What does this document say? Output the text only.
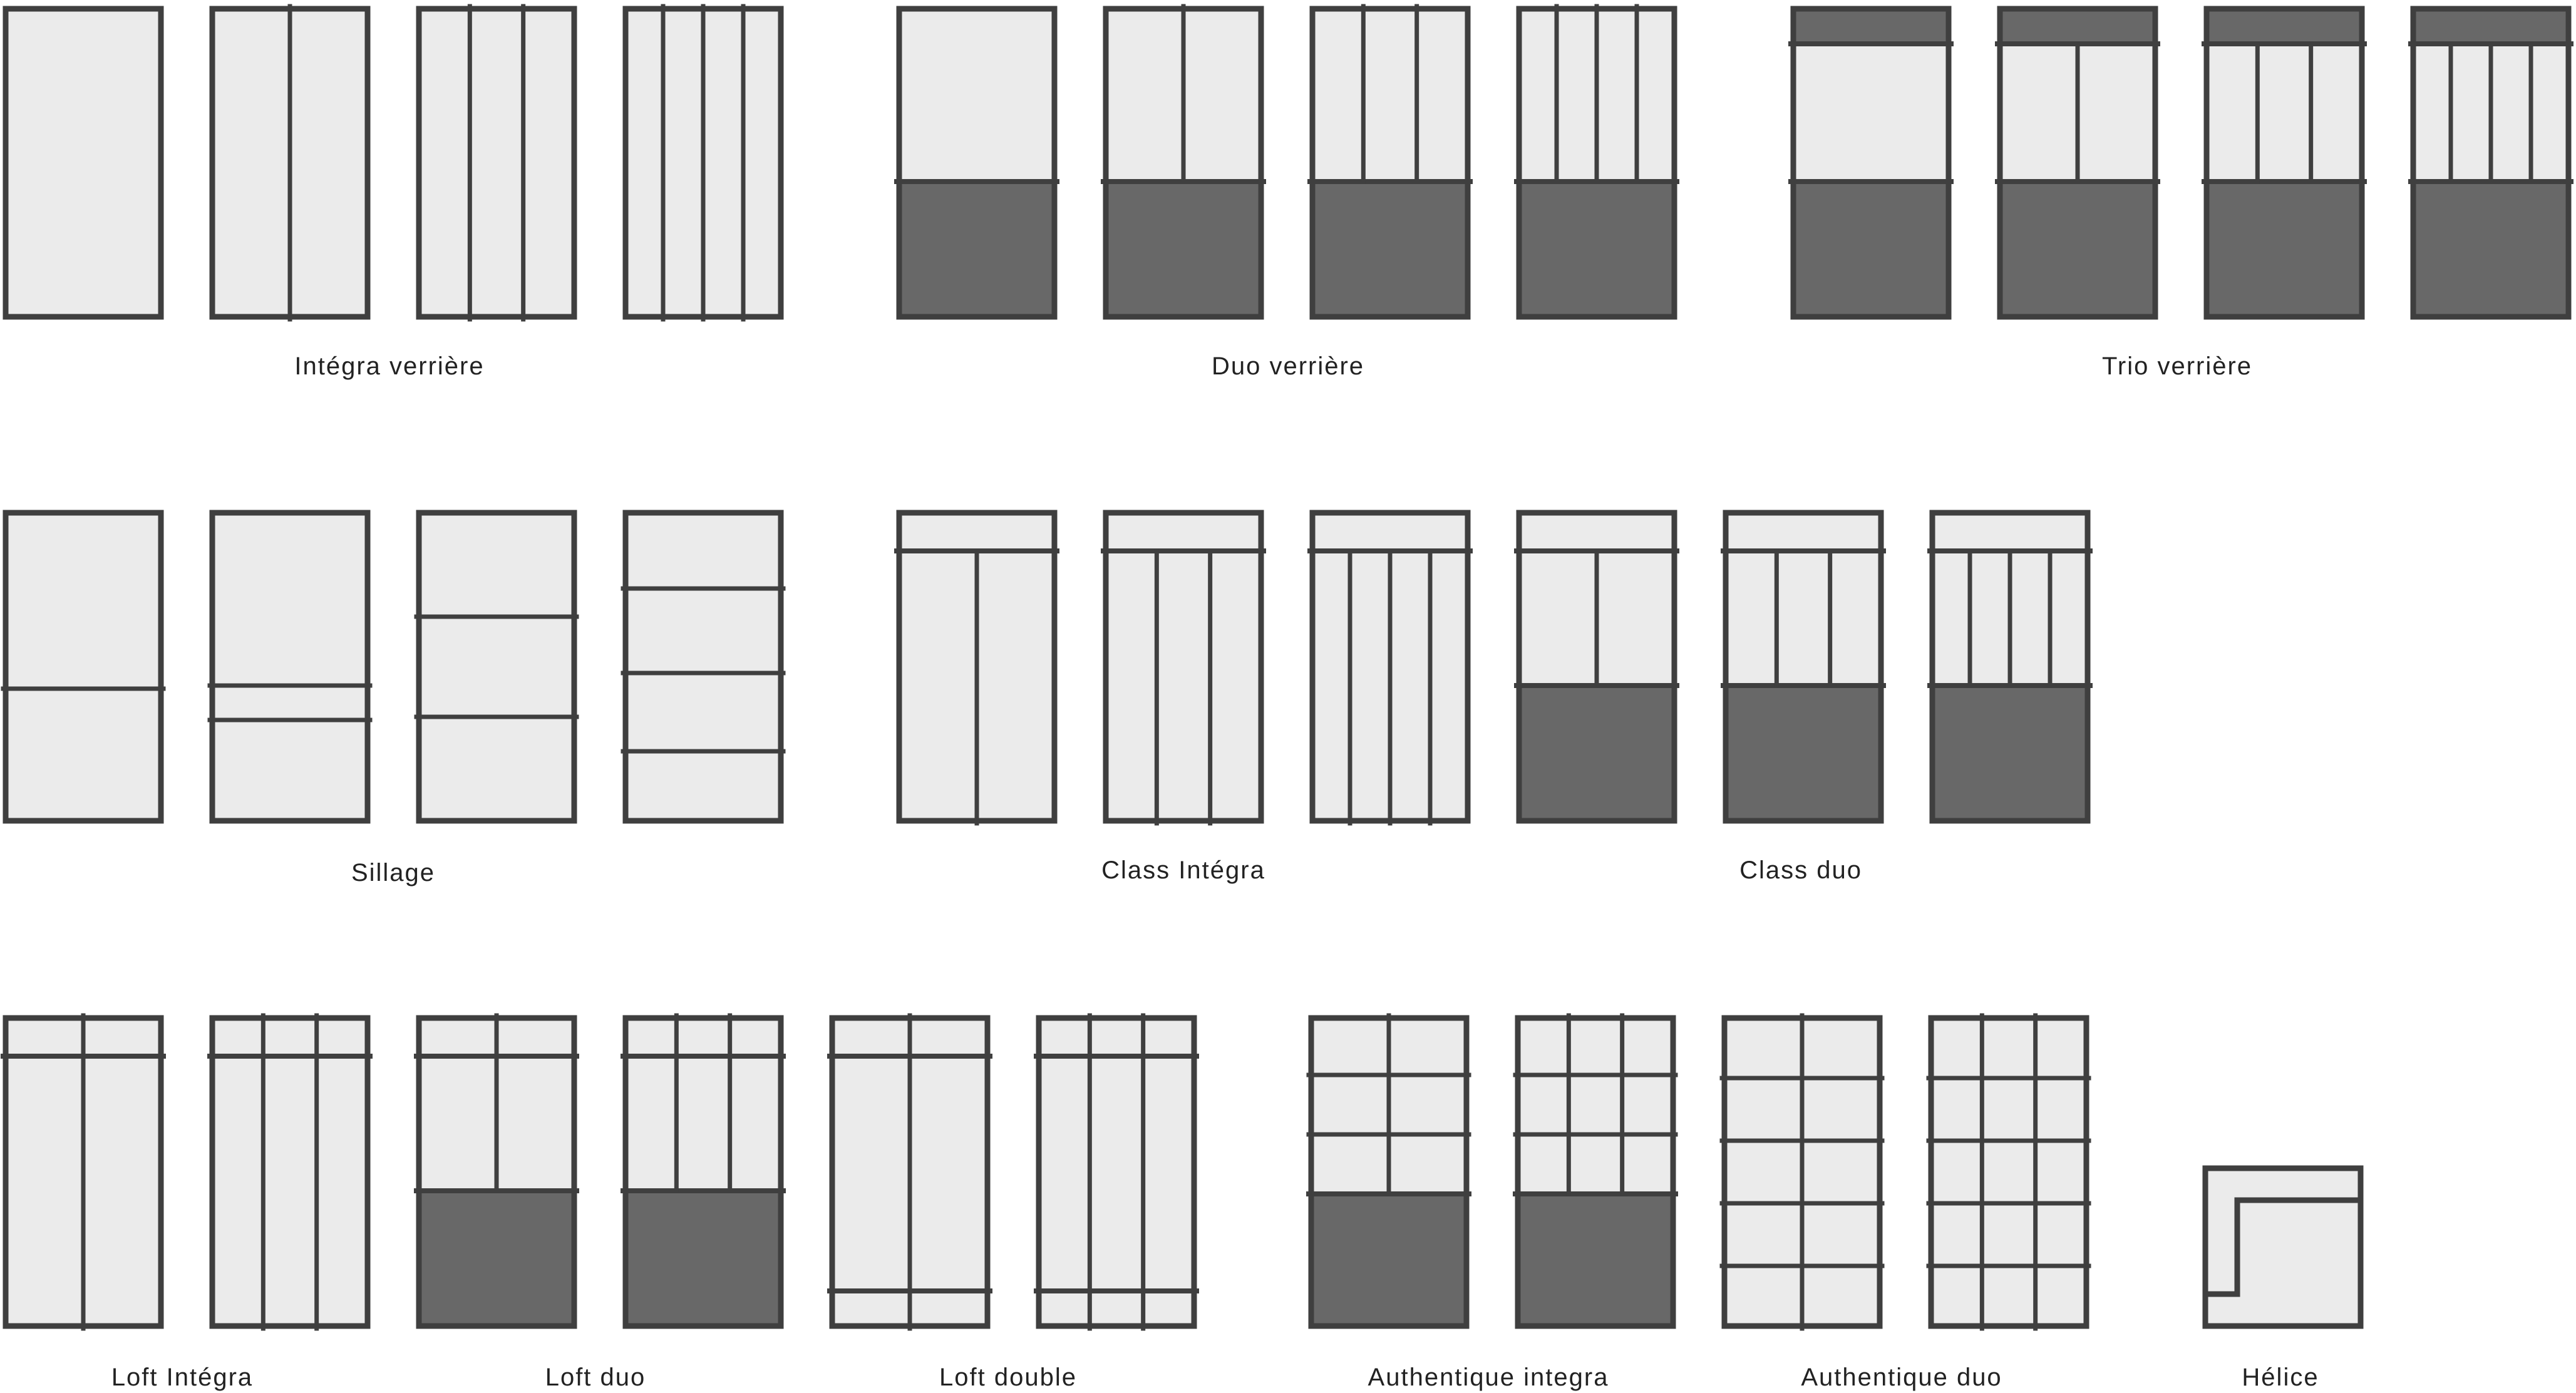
Intégra verrière	Duo verrière	Trio verrière
Sillage	Class Intégra	Class duo
Loft Intégra	Loft duo	Loft double	Authentique integra	Authentique duo	Hélice
